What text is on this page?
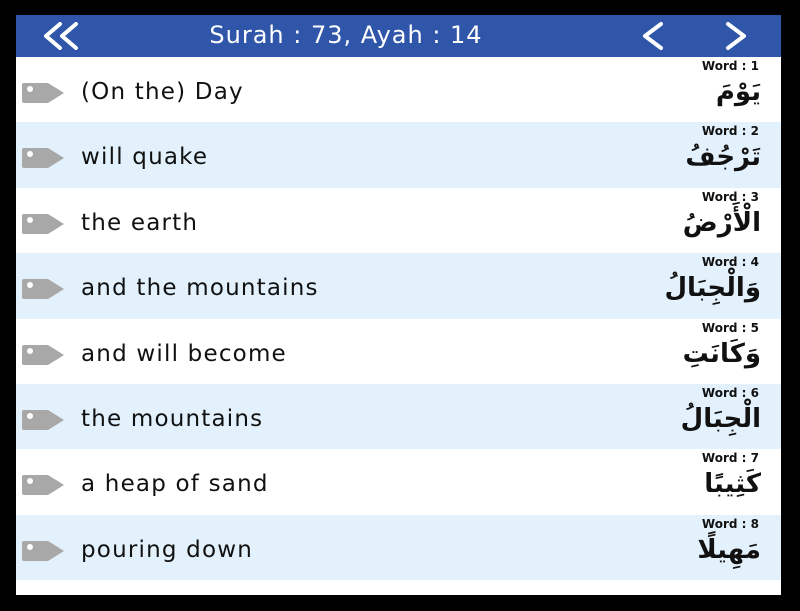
Surah : 73, Ayah : 14
(On the) Day
Word : 1
يَوْمَ
will quake
Word : 2
تَرْجُفُ
the earth
Word : 3
الْأَرْضُ
and the mountains
Word : 4
وَالْجِبَالُ
and will become
Word : 5
وَكَانَتِ
the mountains
Word : 6
الْجِبَالُ
a heap of sand
Word : 7
كَثِيبًا
pouring down
Word : 8
مَهِيلًا
